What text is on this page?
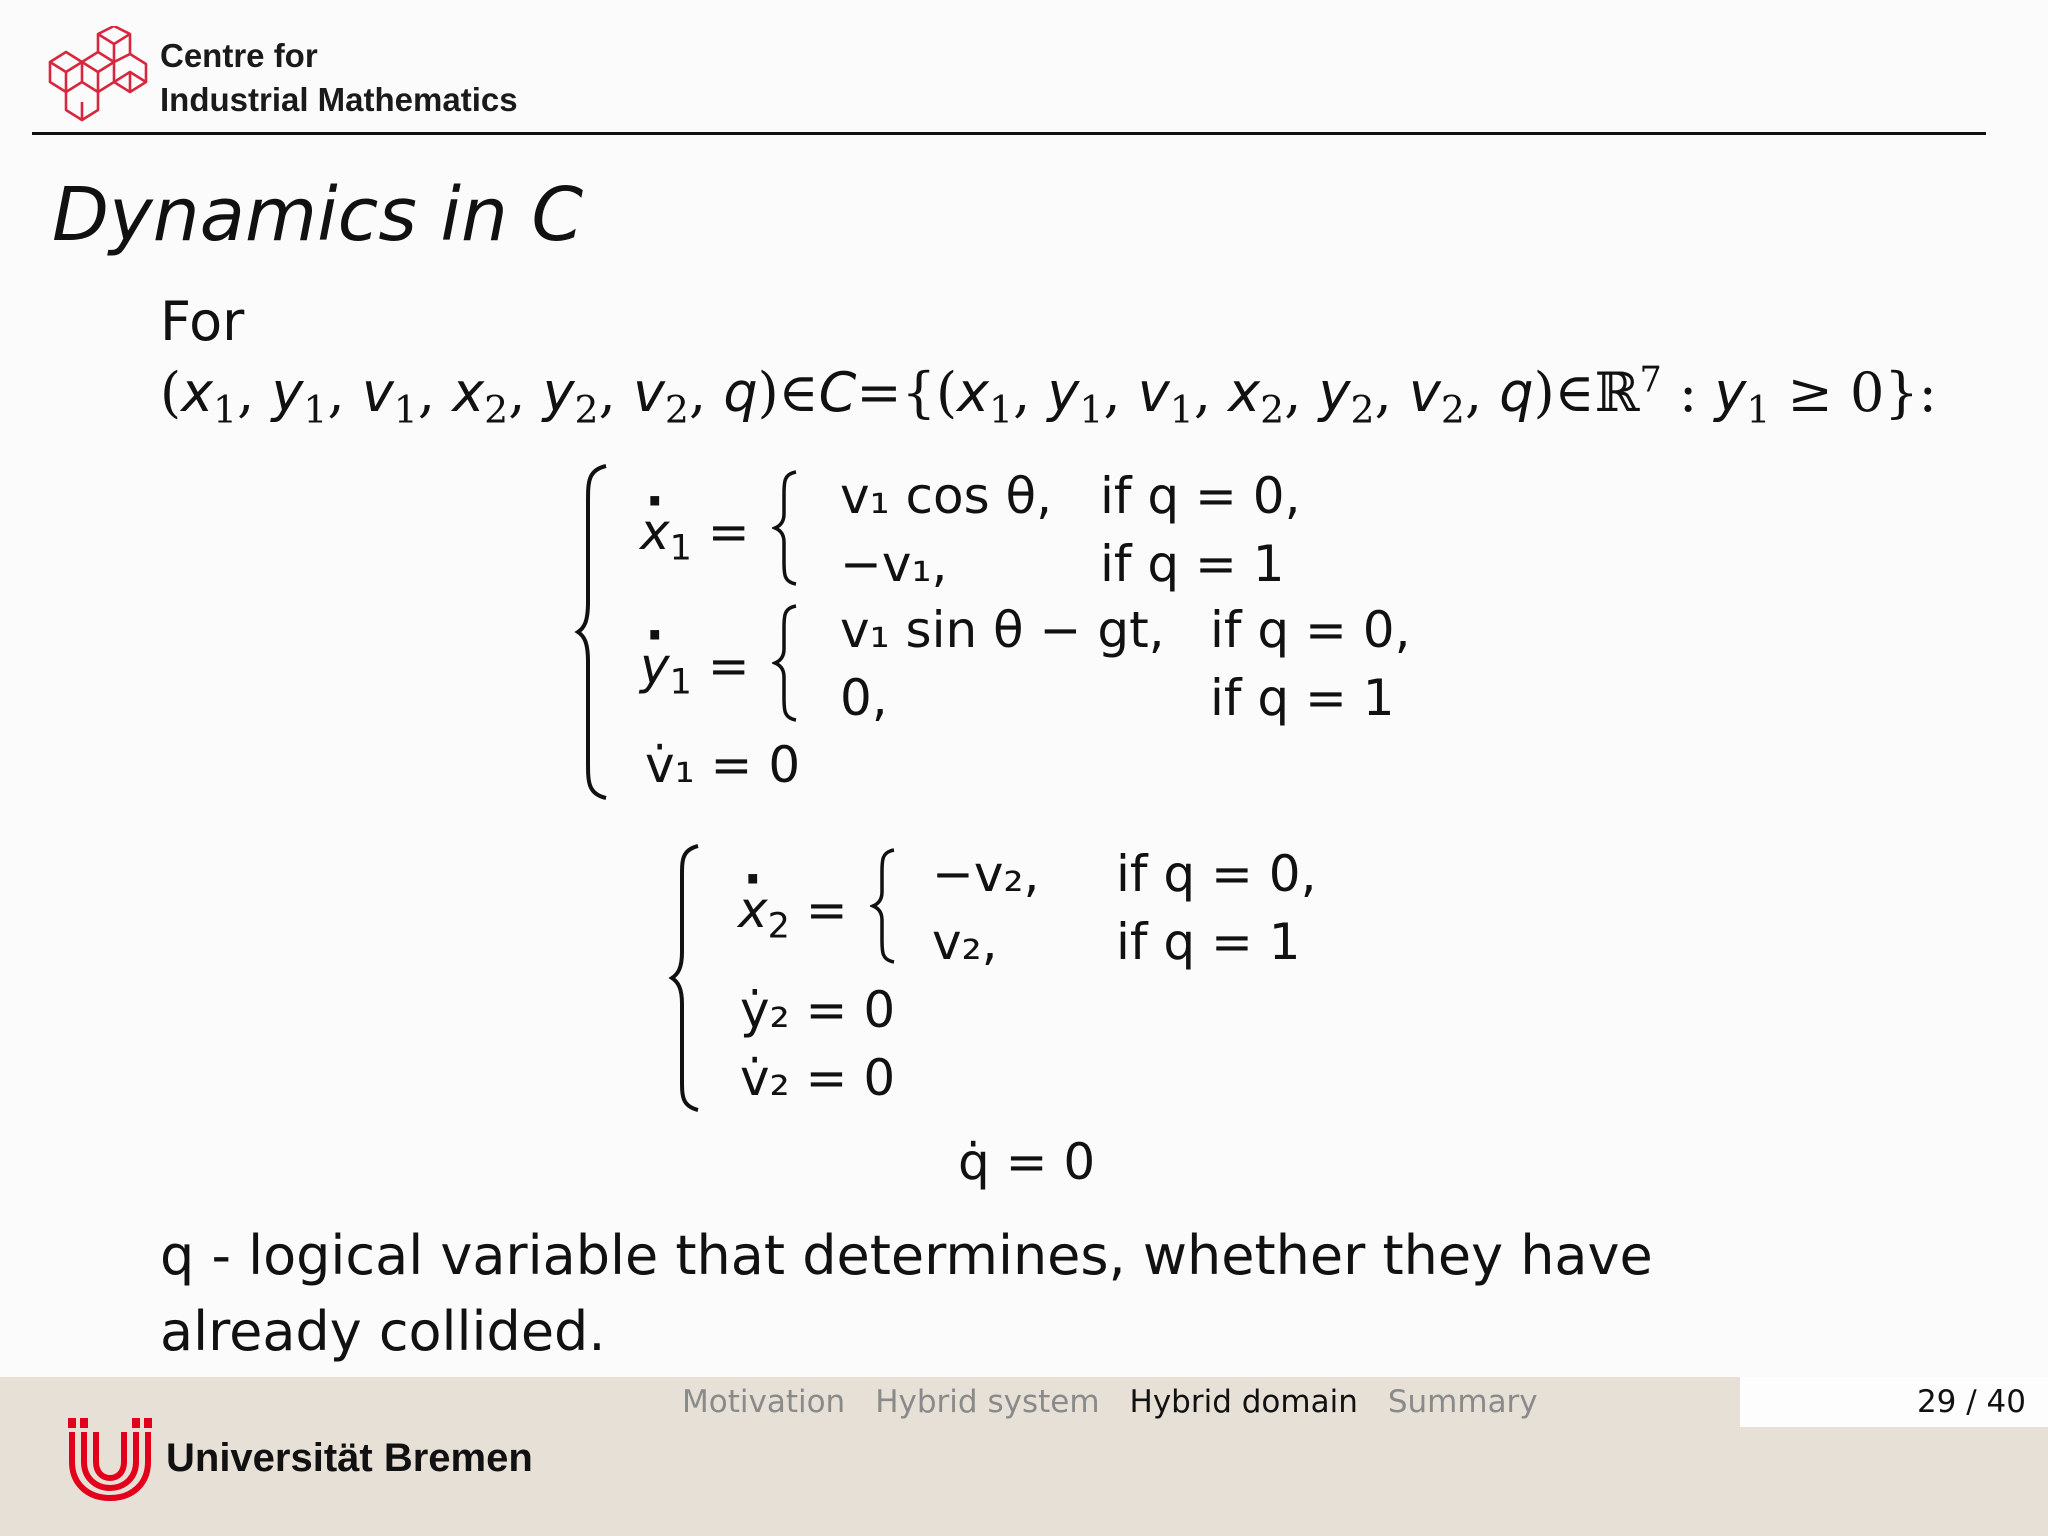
Centre for
Industrial Mathematics
Dynamics in C
For
($x_1$, $y_1$, $v_1$, $x_2$, $y_2$, $v_2$, $q)\in C=\{(x_1$, $y_1$, $v_1$, $x_2$, $y_2$, $v_2$, q)∈ℝ$^7$ : $y_1 \ge 0$}:
· $x_1$ =
v₁ cos θ, if q = 0,
−v₁,	if q = 1
· $y_1$ =
v₁ sin θ − gt, if q = 0,
0,	if q = 1
v̇₁ = 0
· $x_2$ =
−v₂, if q = 0,
v₂, if q = 1
ẏ₂ = 0
v̇₂ = 0
q̇ = 0
q - logical variable that determines, whether they have already collided.
Motivation Hybrid system Hybrid domain Summary	29 / 40
Universität Bremen
